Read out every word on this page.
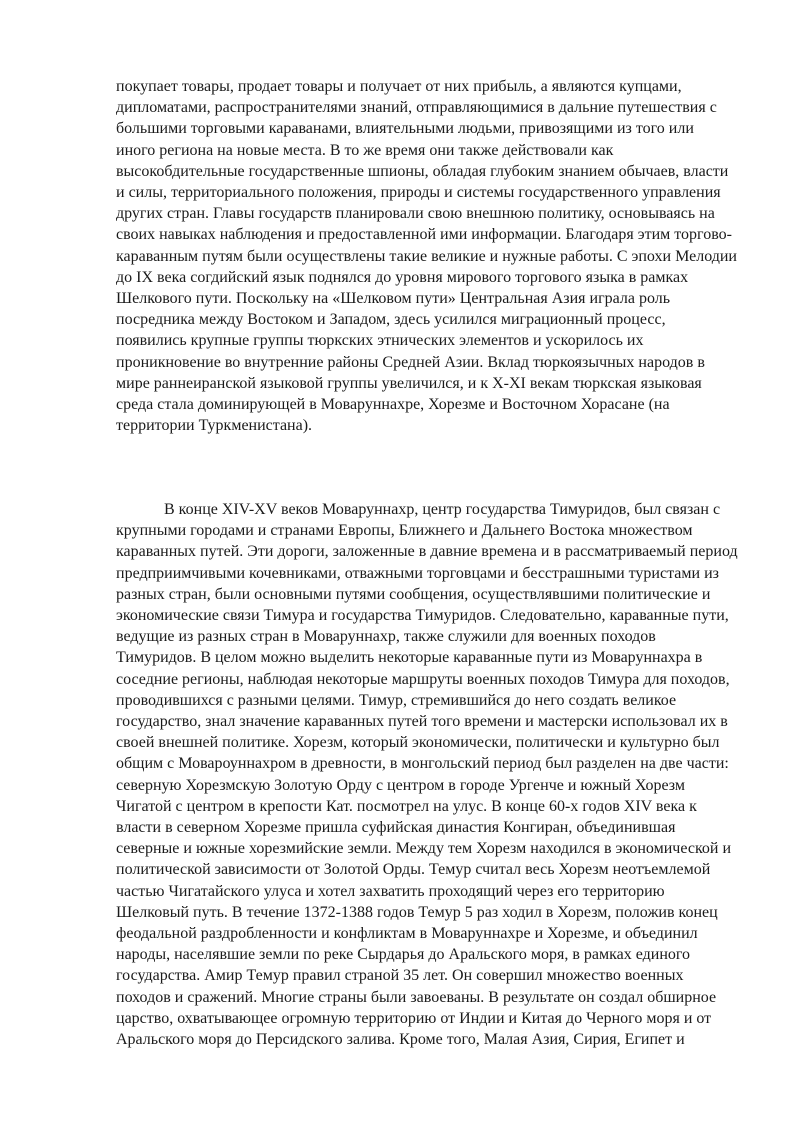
покупает товары, продает товары и получает от них прибыль, а являются купцами,
дипломатами, распространителями знаний, отправляющимися в дальние путешествия с
большими торговыми караванами, влиятельными людьми, привозящими из того или
иного региона на новые места. В то же время они также действовали как
высокобдительные государственные шпионы, обладая глубоким знанием обычаев, власти
и силы, территориального положения, природы и системы государственного управления
других стран. Главы государств планировали свою внешнюю политику, основываясь на
своих навыках наблюдения и предоставленной ими информации. Благодаря этим торгово-
караванным путям были осуществлены такие великие и нужные работы. С эпохи Мелодии
до IX века согдийский язык поднялся до уровня мирового торгового языка в рамках
Шелкового пути. Поскольку на «Шелковом пути» Центральная Азия играла роль
посредника между Востоком и Западом, здесь усилился миграционный процесс,
появились крупные группы тюркских этнических элементов и ускорилось их
проникновение во внутренние районы Средней Азии. Вклад тюркоязычных народов в
мире раннеиранской языковой группы увеличился, и к X-XI векам тюркская языковая
среда стала доминирующей в Моваруннахре, Хорезме и Восточном Хорасане (на
территории Туркменистана).

В конце XIV-XV веков Моваруннахр, центр государства Тимуридов, был связан с
крупными городами и странами Европы, Ближнего и Дальнего Востока множеством
караванных путей. Эти дороги, заложенные в давние времена и в рассматриваемый период
предприимчивыми кочевниками, отважными торговцами и бесстрашными туристами из
разных стран, были основными путями сообщения, осуществлявшими политические и
экономические связи Тимура и государства Тимуридов. Следовательно, караванные пути,
ведущие из разных стран в Моваруннахр, также служили для военных походов
Тимуридов. В целом можно выделить некоторые караванные пути из Моваруннахра в
соседние регионы, наблюдая некоторые маршруты военных походов Тимура для походов,
проводившихся с разными целями. Тимур, стремившийся до него создать великое
государство, знал значение караванных путей того времени и мастерски использовал их в
своей внешней политике. Хорезм, который экономически, политически и культурно был
общим с Мовароуннахром в древности, в монгольский период был разделен на две части:
северную Хорезмскую Золотую Орду с центром в городе Ургенче и южный Хорезм
Чигатой с центром в крепости Кат. посмотрел на улус. В конце 60-х годов XIV века к
власти в северном Хорезме пришла суфийская династия Конгиран, объединившая
северные и южные хорезмийские земли. Между тем Хорезм находился в экономической и
политической зависимости от Золотой Орды. Темур считал весь Хорезм неотъемлемой
частью Чигатайского улуса и хотел захватить проходящий через его территорию
Шелковый путь. В течение 1372-1388 годов Темур 5 раз ходил в Хорезм, положив конец
феодальной раздробленности и конфликтам в Моваруннахре и Хорезме, и объединил
народы, населявшие земли по реке Сырдарья до Аральского моря, в рамках единого
государства. Амир Темур правил страной 35 лет. Он совершил множество военных
походов и сражений. Многие страны были завоеваны. В результате он создал обширное
царство, охватывающее огромную территорию от Индии и Китая до Черного моря и от
Аральского моря до Персидского залива. Кроме того, Малая Азия, Сирия, Египет и
